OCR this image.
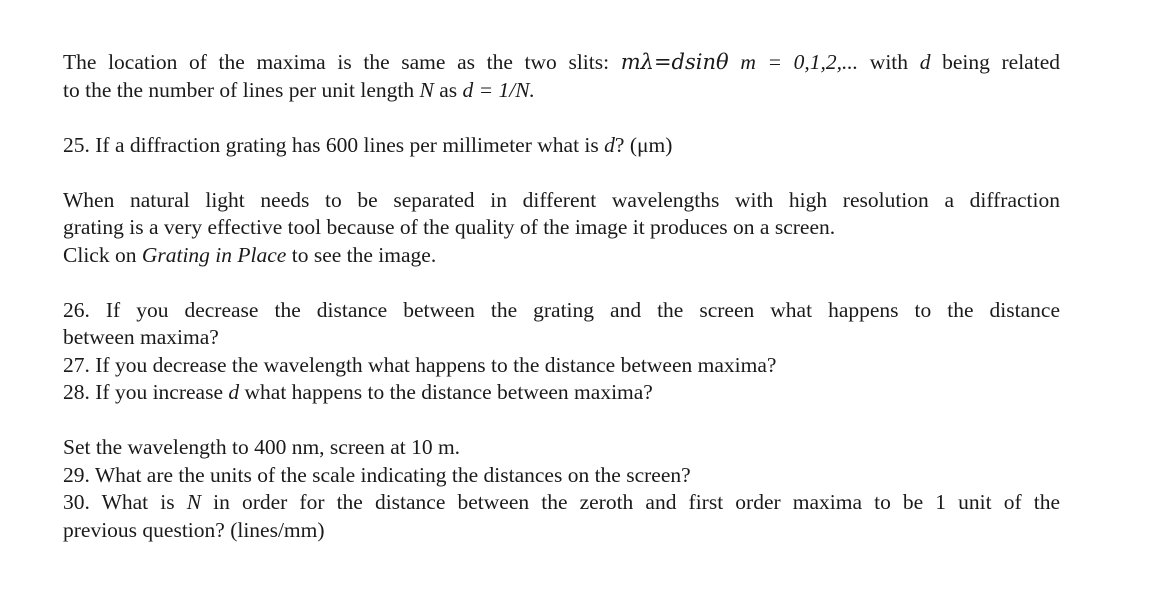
The location of the maxima is the same as the two slits: mλ=dsinθ m = 0,1,2,... with d being related
to the the number of lines per unit length N as d = 1/N.
25. If a diffraction grating has 600 lines per millimeter what is d? (μm)
When natural light needs to be separated in different wavelengths with high resolution a diffraction
grating is a very effective tool because of the quality of the image it produces on a screen.
Click on Grating in Place to see the image.
26. If you decrease the distance between the grating and the screen what happens to the distance
between maxima?
27. If you decrease the wavelength what happens to the distance between maxima?
28. If you increase d what happens to the distance between maxima?
Set the wavelength to 400 nm, screen at 10 m.
29. What are the units of the scale indicating the distances on the screen?
30. What is N in order for the distance between the zeroth and first order maxima to be 1 unit of the
previous question? (lines/mm)
